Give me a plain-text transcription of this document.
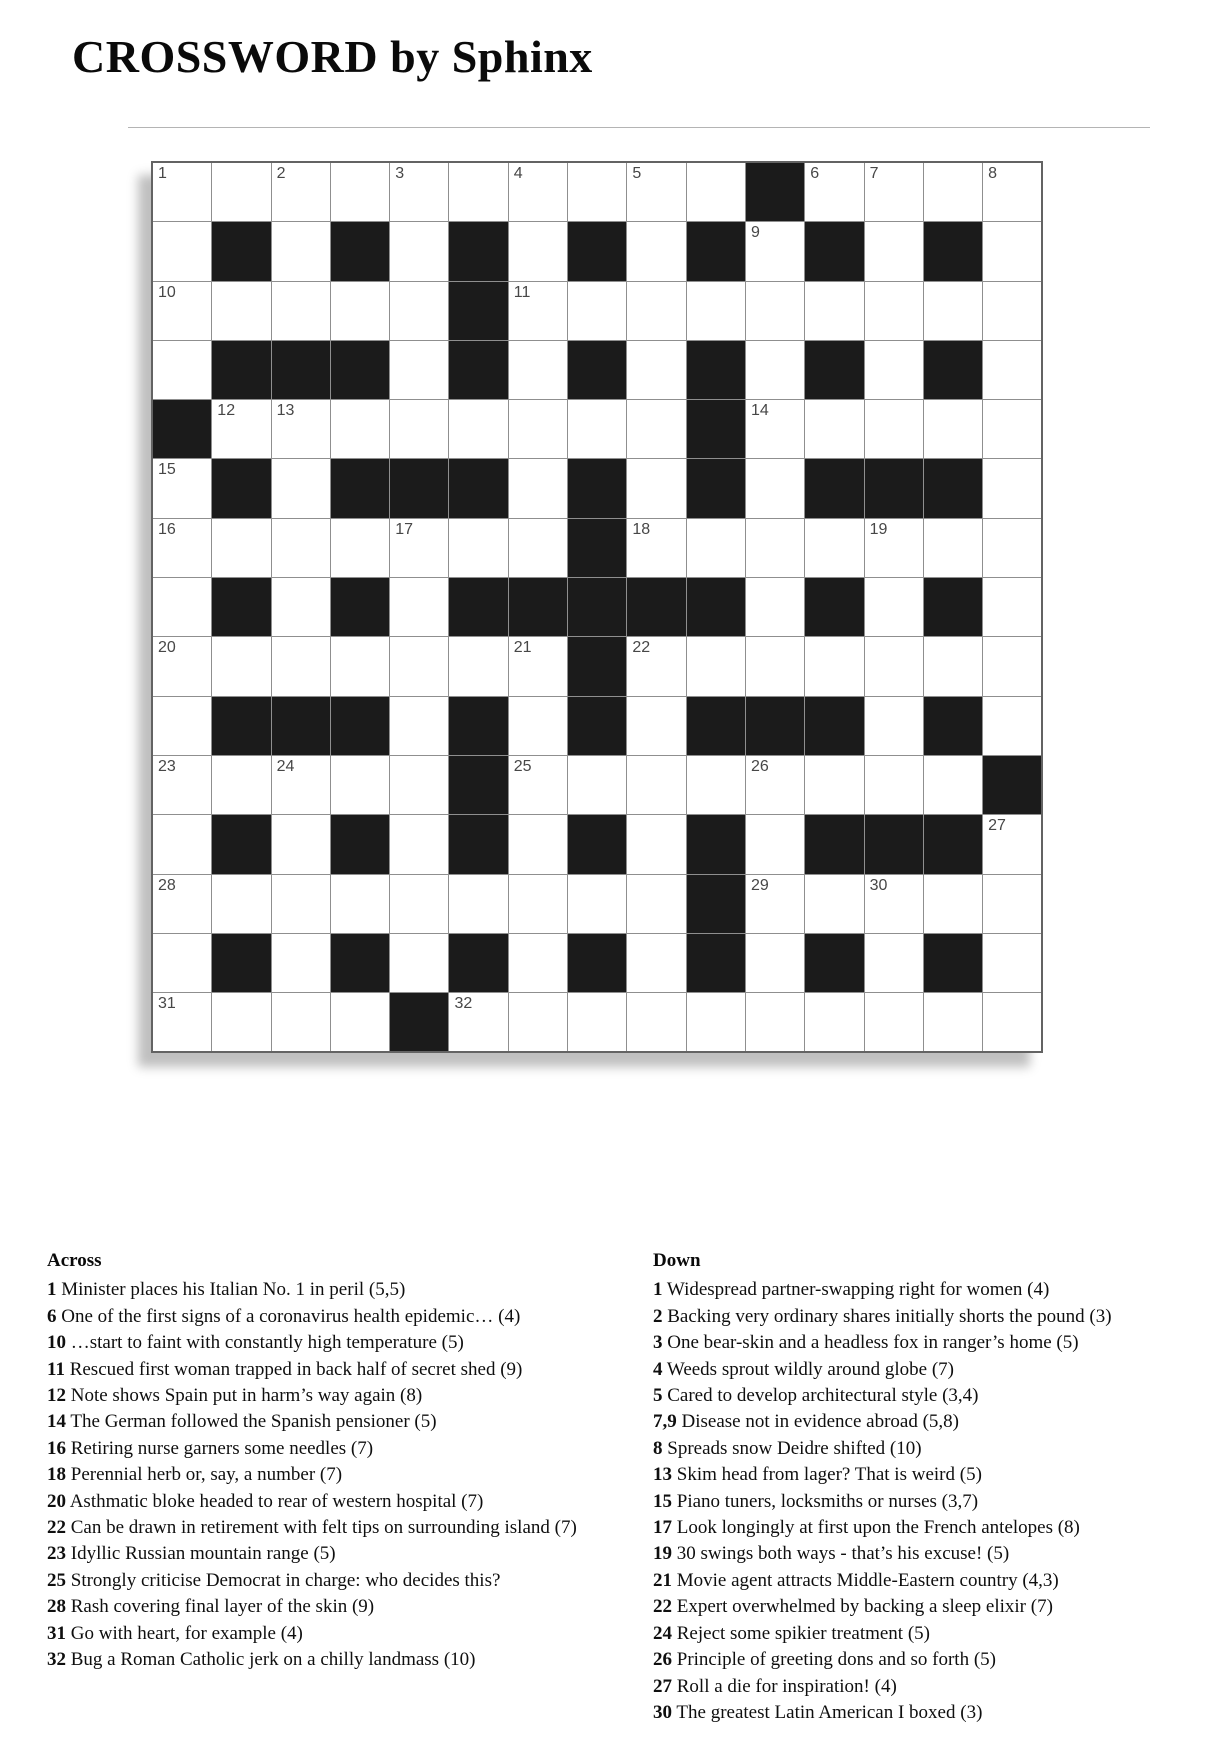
CROSSWORD by Sphinx
1	2	3	4	5	6	7	8
9
10	11
12	13	14
15
16	17	18	19
20	21	22
23	24	25	26
27
28	29	30
31	32
Across
1 Minister places his Italian No. 1 in peril (5,5)
6 One of the first signs of a coronavirus health epidemic… (4)
10 …start to faint with constantly high temperature (5)
11 Rescued first woman trapped in back half of secret shed (9)
12 Note shows Spain put in harm’s way again (8)
14 The German followed the Spanish pensioner (5)
16 Retiring nurse garners some needles (7)
18 Perennial herb or, say, a number (7)
20 Asthmatic bloke headed to rear of western hospital (7)
22 Can be drawn in retirement with felt tips on surrounding island (7)
23 Idyllic Russian mountain range (5)
25 Strongly criticise Democrat in charge: who decides this?
28 Rash covering final layer of the skin (9)
31 Go with heart, for example (4)
32 Bug a Roman Catholic jerk on a chilly landmass (10)
Down
1 Widespread partner-swapping right for women (4)
2 Backing very ordinary shares initially shorts the pound (3)
3 One bear-skin and a headless fox in ranger’s home (5)
4 Weeds sprout wildly around globe (7)
5 Cared to develop architectural style (3,4)
7,9 Disease not in evidence abroad (5,8)
8 Spreads snow Deidre shifted (10)
13 Skim head from lager? That is weird (5)
15 Piano tuners, locksmiths or nurses (3,7)
17 Look longingly at first upon the French antelopes (8)
19 30 swings both ways - that’s his excuse! (5)
21 Movie agent attracts Middle-Eastern country (4,3)
22 Expert overwhelmed by backing a sleep elixir (7)
24 Reject some spikier treatment (5)
26 Principle of greeting dons and so forth (5)
27 Roll a die for inspiration! (4)
30 The greatest Latin American I boxed (3)
